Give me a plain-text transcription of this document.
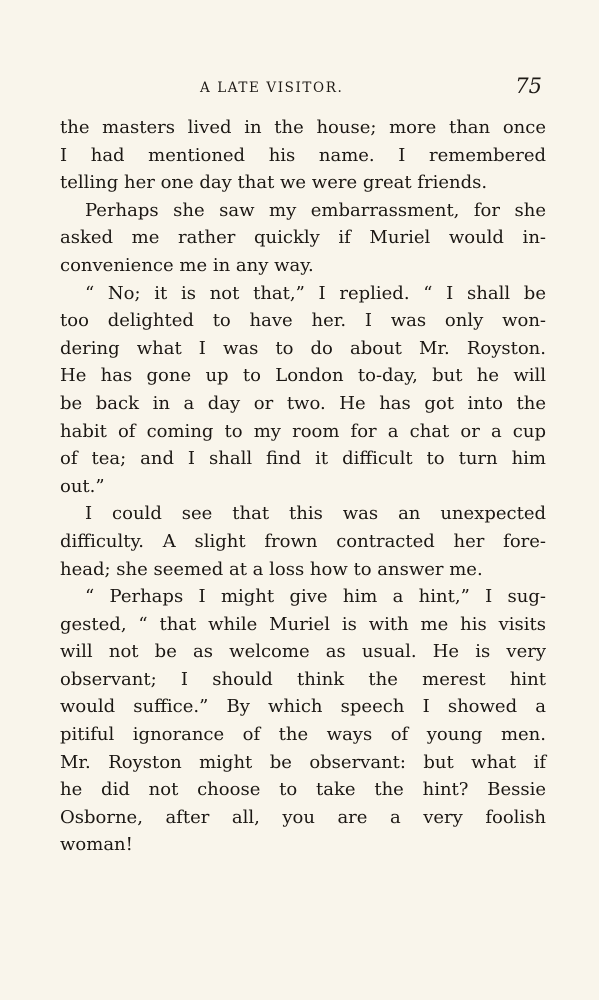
A LATE VISITOR.	75
the masters lived in the house; more than once
I had mentioned his name. I remembered
telling her one day that we were great friends.
Perhaps she saw my embarrassment, for she
asked me rather quickly if Muriel would in-
convenience me in any way.
“ No; it is not that,” I replied. “ I shall be
too delighted to have her. I was only won-
dering what I was to do about Mr. Royston.
He has gone up to London to-day, but he will
be back in a day or two. He has got into the
habit of coming to my room for a chat or a cup
of tea; and I shall find it difficult to turn him
out.”
I could see that this was an unexpected
difficulty. A slight frown contracted her fore-
head; she seemed at a loss how to answer me.
“ Perhaps I might give him a hint,” I sug-
gested, “ that while Muriel is with me his visits
will not be as welcome as usual. He is very
observant; I should think the merest hint
would suffice.” By which speech I showed a
pitiful ignorance of the ways of young men.
Mr. Royston might be observant: but what if
he did not choose to take the hint? Bessie
Osborne, after all, you are a very foolish
woman!
